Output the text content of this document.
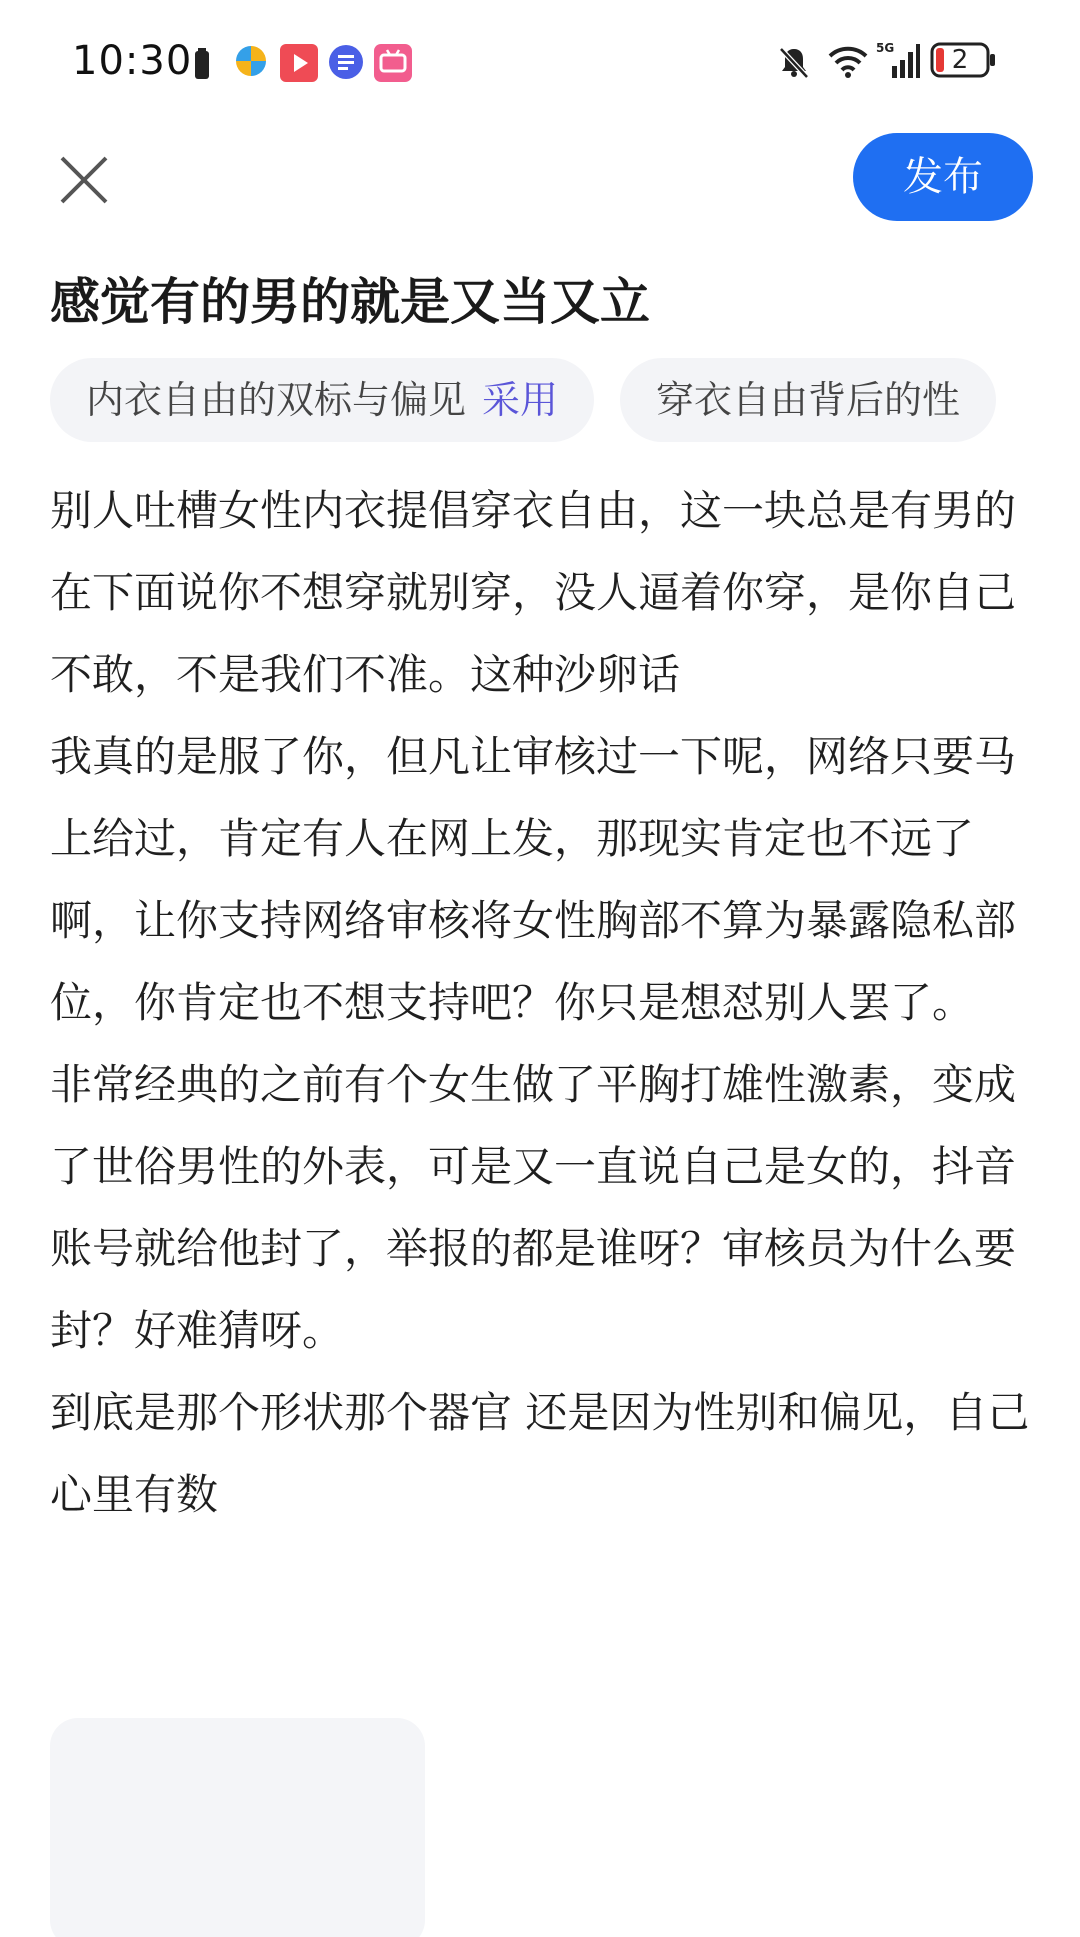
10:30	5G	2
发布
感觉有的男的就是又当又立
内衣自由的双标与偏见 采用	穿衣自由背后的性

别人吐槽女性内衣提倡穿衣自由，这一块总是有男的在下面说你不想穿就别穿，没人逼着你穿，是你自己不敢，不是我们不准。这种沙卵话

我真的是服了你，但凡让审核过一下呢，网络只要马上给过，肯定有人在网上发，那现实肯定也不远了啊，让你支持网络审核将女性胸部不算为暴露隐私部位，你肯定也不想支持吧？你只是想怼别人罢了。

非常经典的之前有个女生做了平胸打雄性激素，变成了世俗男性的外表，可是又一直说自己是女的，抖音账号就给他封了，举报的都是谁呀？审核员为什么要封？好难猜呀。

到底是那个形状那个器官 还是因为性别和偏见，自己心里有数
